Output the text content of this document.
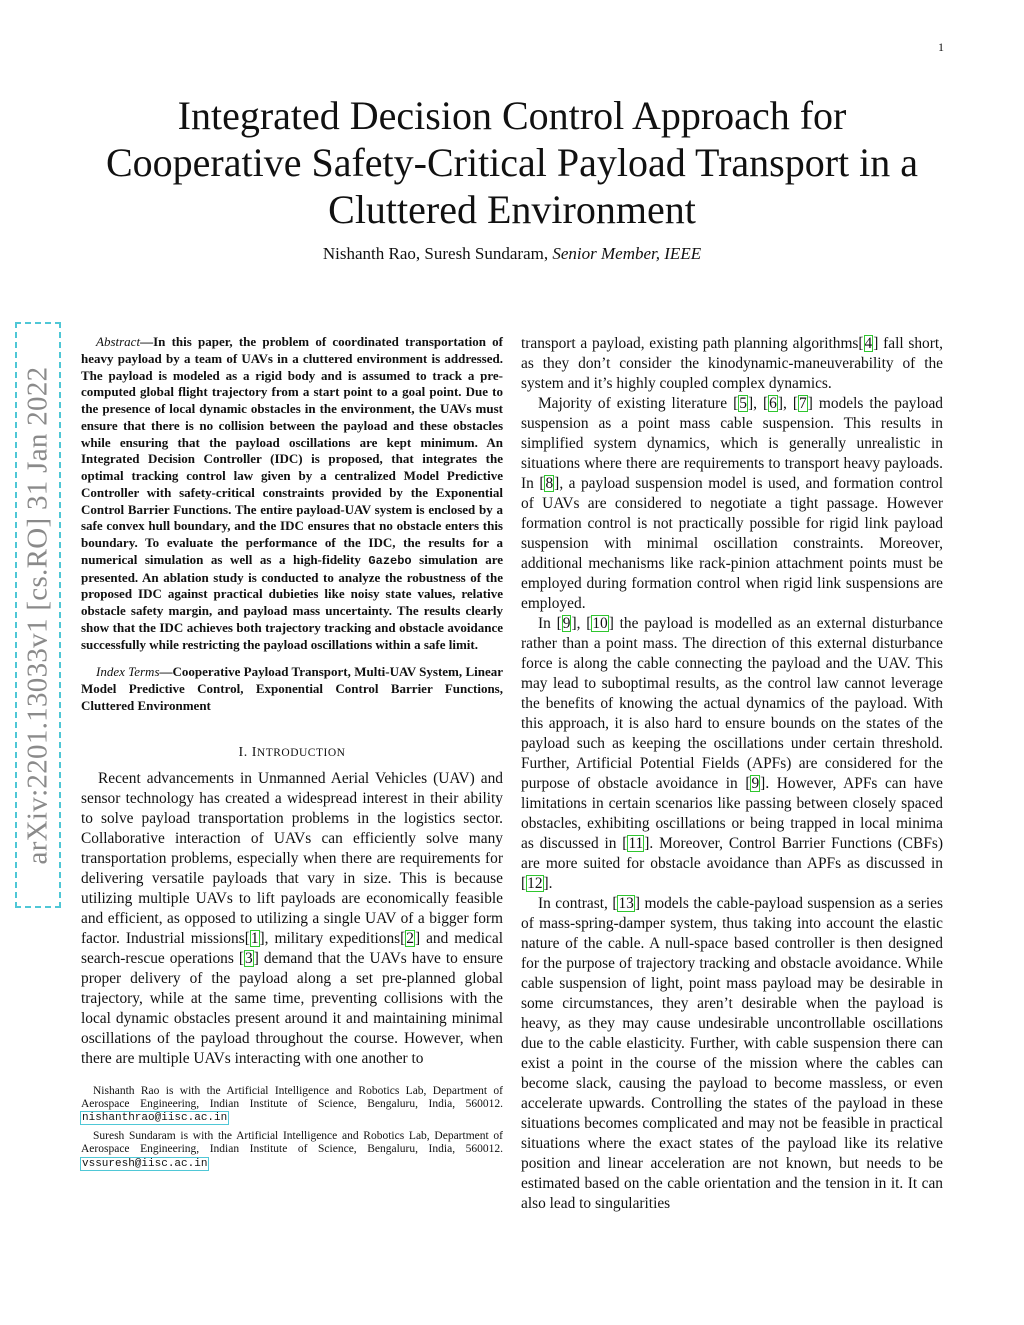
1
arXiv:2201.13033v1 [cs.RO] 31 Jan 2022
Integrated Decision Control Approach for
Cooperative Safety-Critical Payload Transport in a
Cluttered Environment
Nishanth Rao, Suresh Sundaram, Senior Member, IEEE

Abstract—In this paper, the problem of coordinated transportation of heavy payload by a team of UAVs in a cluttered environment is addressed. The payload is modeled as a rigid body and is assumed to track a pre-computed global flight trajectory from a start point to a goal point. Due to the presence of local dynamic obstacles in the environment, the UAVs must ensure that there is no collision between the payload and these obstacles while ensuring that the payload oscillations are kept minimum. An Integrated Decision Controller (IDC) is proposed, that integrates the optimal tracking control law given by a centralized Model Predictive Controller with safety-critical constraints provided by the Exponential Control Barrier Functions. The entire payload-UAV system is enclosed by a safe convex hull boundary, and the IDC ensures that no obstacle enters this boundary. To evaluate the performance of the IDC, the results for a numerical simulation as well as a high-fidelity Gazebo simulation are presented. An ablation study is conducted to analyze the robustness of the proposed IDC against practical dubieties like noisy state values, relative obstacle safety margin, and payload mass uncertainty. The results clearly show that the IDC achieves both trajectory tracking and obstacle avoidance successfully while restricting the payload oscillations within a safe limit.

Index Terms—Cooperative Payload Transport, Multi-UAV System, Linear Model Predictive Control, Exponential Control Barrier Functions, Cluttered Environment

I. INTRODUCTION

Recent advancements in Unmanned Aerial Vehicles (UAV) and sensor technology has created a widespread interest in their ability to solve payload transportation problems in the logistics sector. Collaborative interaction of UAVs can efficiently solve many transportation problems, especially when there are requirements for delivering versatile payloads that vary in size. This is because utilizing multiple UAVs to lift payloads are economically feasible and efficient, as opposed to utilizing a single UAV of a bigger form factor. Industrial missions[1], military expeditions[2] and medical search-rescue operations [3] demand that the UAVs have to ensure proper delivery of the payload along a set pre-planned global trajectory, while at the same time, preventing collisions with the local dynamic obstacles present around it and maintaining minimal oscillations of the payload throughout the course. However, when there are multiple UAVs interacting with one another to

Nishanth Rao is with the Artificial Intelligence and Robotics Lab, Department of Aerospace Engineering, Indian Institute of Science, Bengaluru, India, 560012. nishanthrao@iisc.ac.in

Suresh Sundaram is with the Artificial Intelligence and Robotics Lab, Department of Aerospace Engineering, Indian Institute of Science, Bengaluru, India, 560012. vssuresh@iisc.ac.in

transport a payload, existing path planning algorithms[4] fall short, as they don’t consider the kinodynamic-maneuverability of the system and it’s highly coupled complex dynamics.

Majority of existing literature [5], [6], [7] models the payload suspension as a point mass cable suspension. This results in simplified system dynamics, which is generally unrealistic in situations where there are requirements to transport heavy payloads. In [8], a payload suspension model is used, and formation control of UAVs are considered to negotiate a tight passage. However formation control is not practically possible for rigid link payload suspension with minimal oscillation constraints. Moreover, additional mechanisms like rack-pinion attachment points must be employed during formation control when rigid link suspensions are employed.

In [9], [10] the payload is modelled as an external disturbance rather than a point mass. The direction of this external disturbance force is along the cable connecting the payload and the UAV. This may lead to suboptimal results, as the control law cannot leverage the benefits of knowing the actual dynamics of the payload. With this approach, it is also hard to ensure bounds on the states of the payload such as keeping the oscillations under certain threshold. Further, Artificial Potential Fields (APFs) are considered for the purpose of obstacle avoidance in [9]. However, APFs can have limitations in certain scenarios like passing between closely spaced obstacles, exhibiting oscillations or being trapped in local minima as discussed in [11]. Moreover, Control Barrier Functions (CBFs) are more suited for obstacle avoidance than APFs as discussed in [12].

In contrast, [13] models the cable-payload suspension as a series of mass-spring-damper system, thus taking into account the elastic nature of the cable. A null-space based controller is then designed for the purpose of trajectory tracking and obstacle avoidance. While cable suspension of light, point mass payload may be desirable in some circumstances, they aren’t desirable when the payload is heavy, as they may cause undesirable uncontrollable oscillations due to the cable elasticity. Further, with cable suspension there can exist a point in the course of the mission where the cables can become slack, causing the payload to become massless, or even accelerate upwards. Controlling the states of the payload in these situations becomes complicated and may not be feasible in practical situations where the exact states of the payload like its relative position and linear acceleration are not known, but needs to be estimated based on the cable orientation and the tension in it. It can also lead to singularities
